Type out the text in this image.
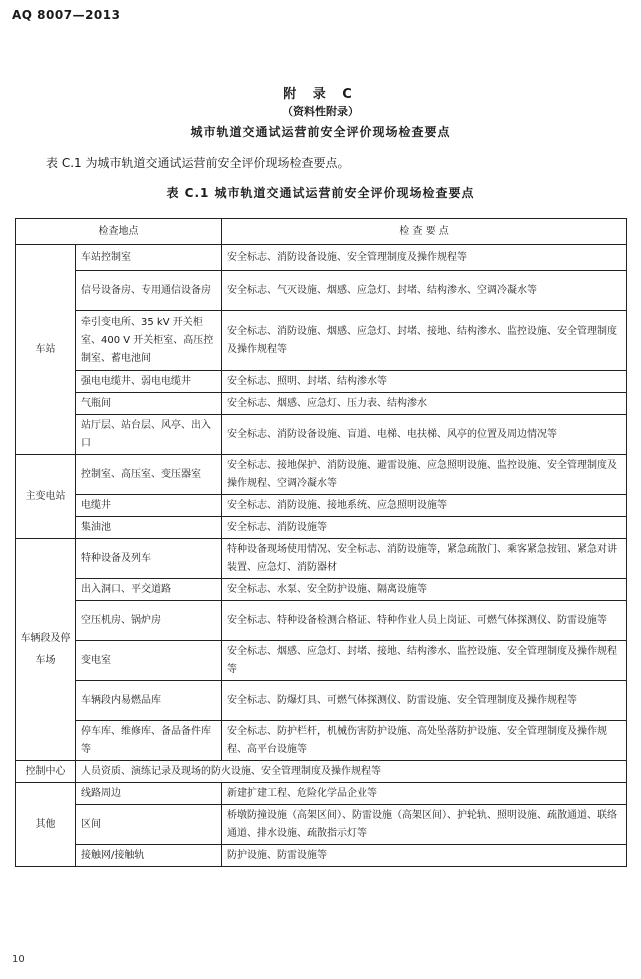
AQ 8007—2013
附 录 C
（资料性附录）
城市轨道交通试运营前安全评价现场检查要点
表 C.1 为城市轨道交通试运营前安全评价现场检查要点。
表 C.1 城市轨道交通试运营前安全评价现场检查要点
检查地点		检 查 要 点
车站	车站控制室	安全标志、消防设备设施、安全管理制度及操作规程等
	信号设备房、专用通信设备房	安全标志、气灭设施、烟感、应急灯、封堵、结构渗水、空调冷凝水等
	牵引变电所、35 kV 开关柜室、400 V 开关柜室、高压控制室、蓄电池间	安全标志、消防设施、烟感、应急灯、封堵、接地、结构渗水、监控设施、安全管理制度及操作规程等
	强电电缆井、弱电电缆井	安全标志、照明、封堵、结构渗水等
	气瓶间	安全标志、烟感、应急灯、压力表、结构渗水
	站厅层、站台层、风亭、出入口	安全标志、消防设备设施、盲道、电梯、电扶梯、风亭的位置及周边情况等
主变电站	控制室、高压室、变压器室	安全标志、接地保护、消防设施、避雷设施、应急照明设施、监控设施、安全管理制度及操作规程、空调冷凝水等
	电缆井	安全标志、消防设施、接地系统、应急照明设施等
	集油池	安全标志、消防设施等
车辆段及停车场	特种设备及列车	特种设备现场使用情况、安全标志、消防设施等，紧急疏散门、乘客紧急按钮、紧急对讲装置、应急灯、消防器材
	出入洞口、平交道路	安全标志、水泵、安全防护设施、隔离设施等
	空压机房、锅炉房	安全标志、特种设备检测合格证、特种作业人员上岗证、可燃气体探测仪、防雷设施等
	变电室	安全标志、烟感、应急灯、封堵、接地、结构渗水、监控设施、安全管理制度及操作规程等
	车辆段内易燃品库	安全标志、防爆灯具、可燃气体探测仪、防雷设施、安全管理制度及操作规程等
	停车库、维修库、备品备件库等	安全标志、防护栏杆，机械伤害防护设施、高处坠落防护设施、安全管理制度及操作规程、高平台设施等
控制中心	人员资质、演练记录及现场的防火设施、安全管理制度及操作规程等	
其他	线路周边	新建扩建工程、危险化学品企业等
	区间	桥墩防撞设施（高架区间）、防雷设施（高架区间）、护轮轨、照明设施、疏散通道、联络通道、排水设施、疏散指示灯等
	接触网/接触轨	防护设施、防雷设施等
10
